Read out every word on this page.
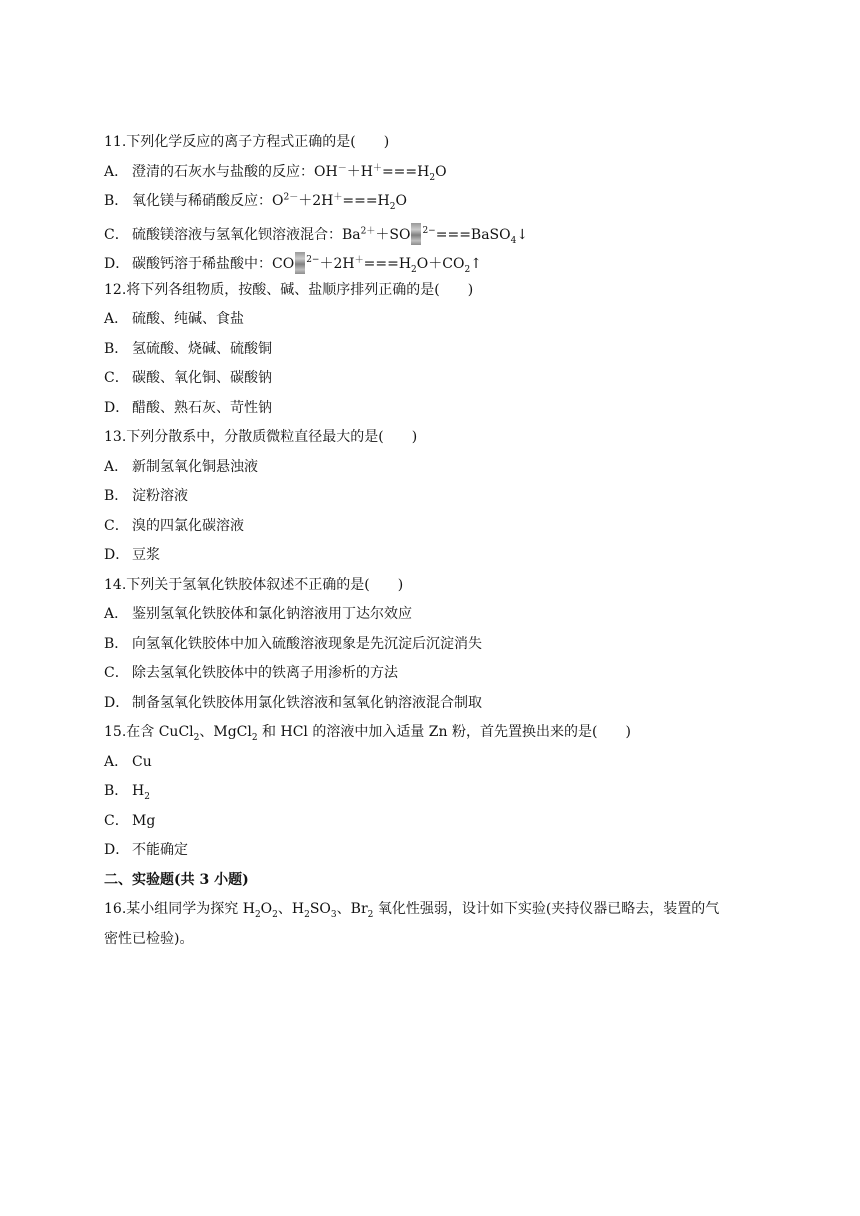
11.下列化学反应的离子方程式正确的是(　　)
A． 澄清的石灰水与盐酸的反应：$OH^-+H^+===H_2O$
B． 氧化镁与稀硝酸反应：$O^{2-}+2H^+===H_2O$
C． 硫酸镁溶液与氢氧化钡溶液混合：$Ba^{2+}+SO$ $^{2-}$===BaSO$_4$↓
D． 碳酸钙溶于稀盐酸中：CO $^{2-}+2H^+===H_2O+CO_2↑$
12.将下列各组物质，按酸、碱、盐顺序排列正确的是(　　)
A． 硫酸、纯碱、食盐
B． 氢硫酸、烧碱、硫酸铜
C． 碳酸、氧化铜、碳酸钠
D． 醋酸、熟石灰、苛性钠
13.下列分散系中，分散质微粒直径最大的是(　　)
A． 新制氢氧化铜悬浊液
B． 淀粉溶液
C． 溴的四氯化碳溶液
D． 豆浆
14.下列关于氢氧化铁胶体叙述不正确的是(　　)
A． 鉴别氢氧化铁胶体和氯化钠溶液用丁达尔效应
B． 向氢氧化铁胶体中加入硫酸溶液现象是先沉淀后沉淀消失
C． 除去氢氧化铁胶体中的铁离子用渗析的方法
D． 制备氢氧化铁胶体用氯化铁溶液和氢氧化钠溶液混合制取
15.在含 CuCl$_2$、MgCl$_2$ 和 HCl 的溶液中加入适量 Zn 粉，首先置换出来的是(　　)
A． Cu
B． $H_2$
C． Mg
D． 不能确定
二、实验题(共 3 小题)
16.某小组同学为探究 $H_2O_2$、$H_2SO_3$、$Br_2$ 氧化性强弱，设计如下实验(夹持仪器已略去，装置的气
密性已检验)。
